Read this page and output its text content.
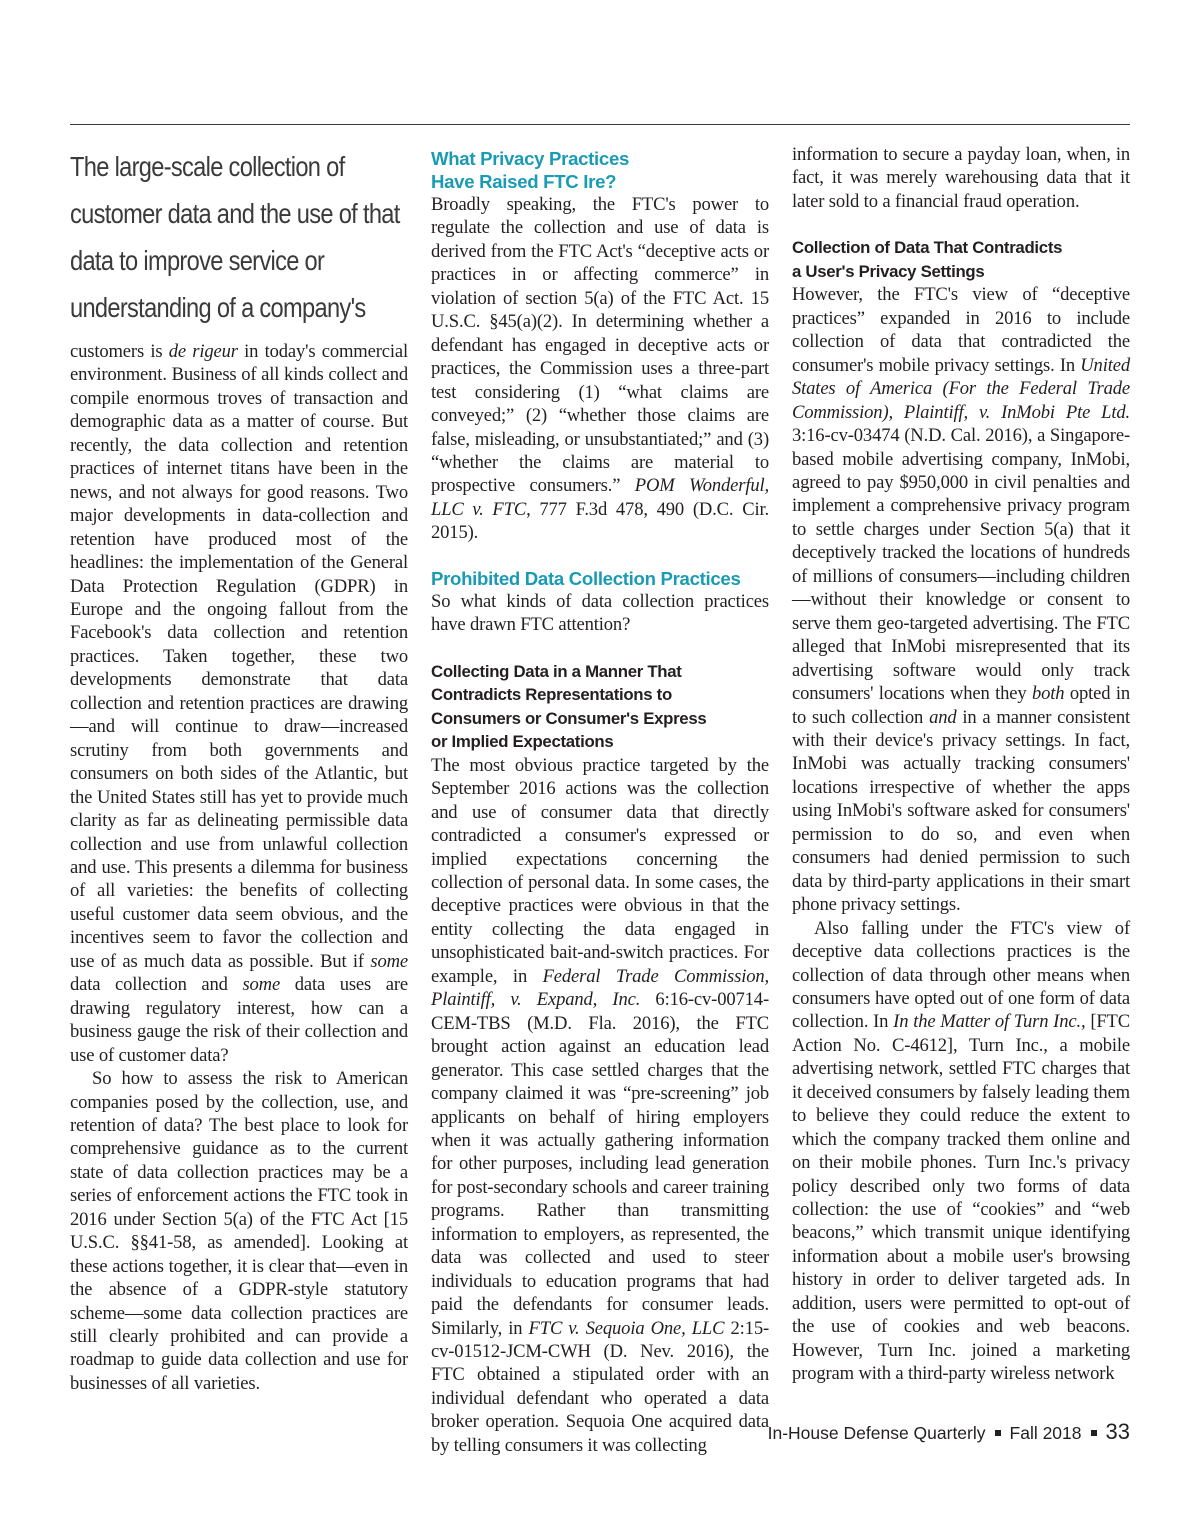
The large-scale collection of customer data and the use of that data to improve service or understanding of a company's

customers is de rigeur in today's commercial environment. Business of all kinds collect and compile enormous troves of transaction and demographic data as a matter of course. But recently, the data collection and retention practices of internet titans have been in the news, and not always for good reasons. Two major developments in data-collection and retention have produced most of the headlines: the implementation of the General Data Protection Regulation (GDPR) in Europe and the ongoing fallout from the Facebook's data collection and retention practices. Taken together, these two developments demonstrate that data collection and retention practices are drawing—and will continue to draw—increased scrutiny from both governments and consumers on both sides of the Atlantic, but the United States still has yet to provide much clarity as far as delineating permissible data collection and use from unlawful collection and use. This presents a dilemma for business of all varieties: the benefits of collecting useful customer data seem obvious, and the incentives seem to favor the collection and use of as much data as possible. But if some data collection and some data uses are drawing regulatory interest, how can a business gauge the risk of their collection and use of customer data?

So how to assess the risk to American companies posed by the collection, use, and retention of data? The best place to look for comprehensive guidance as to the current state of data collection practices may be a series of enforcement actions the FTC took in 2016 under Section 5(a) of the FTC Act [15 U.S.C. §§41-58, as amended]. Looking at these actions together, it is clear that—even in the absence of a GDPR-style statutory scheme—some data collection practices are still clearly prohibited and can provide a roadmap to guide data collection and use for businesses of all varieties.

What Privacy Practices
Have Raised FTC Ire?

Broadly speaking, the FTC's power to regulate the collection and use of data is derived from the FTC Act's “deceptive acts or practices in or affecting commerce” in violation of section 5(a) of the FTC Act. 15 U.S.C. §45(a)(2). In determining whether a defendant has engaged in deceptive acts or practices, the Commission uses a three-part test considering (1) “what claims are conveyed;” (2) “whether those claims are false, misleading, or unsubstantiated;” and (3) “whether the claims are material to prospective consumers.” POM Wonderful, LLC v. FTC, 777 F.3d 478, 490 (D.C. Cir. 2015).

Prohibited Data Collection Practices

So what kinds of data collection practices have drawn FTC attention?

Collecting Data in a Manner That
Contradicts Representations to
Consumers or Consumer's Express
or Implied Expectations

The most obvious practice targeted by the September 2016 actions was the collection and use of consumer data that directly contradicted a consumer's expressed or implied expectations concerning the collection of personal data. In some cases, the deceptive practices were obvious in that the entity collecting the data engaged in unsophisticated bait-and-switch practices. For example, in Federal Trade Commission, Plaintiff, v. Expand, Inc. 6:16-cv-00714-CEM-TBS (M.D. Fla. 2016), the FTC brought action against an education lead generator. This case settled charges that the company claimed it was “pre-screening” job applicants on behalf of hiring employers when it was actually gathering information for other purposes, including lead generation for post-secondary schools and career training programs. Rather than transmitting information to employers, as represented, the data was collected and used to steer individuals to education programs that had paid the defendants for consumer leads. Similarly, in FTC v. Sequoia One, LLC 2:15-cv-01512-JCM-CWH (D. Nev. 2016), the FTC obtained a stipulated order with an individual defendant who operated a data broker operation. Sequoia One acquired data by telling consumers it was collecting

information to secure a payday loan, when, in fact, it was merely warehousing data that it later sold to a financial fraud operation.

Collection of Data That Contradicts
a User's Privacy Settings

However, the FTC's view of “deceptive practices” expanded in 2016 to include collection of data that contradicted the consumer's mobile privacy settings. In United States of America (For the Federal Trade Commission), Plaintiff, v. InMobi Pte Ltd. 3:16-cv-03474 (N.D. Cal. 2016), a Singapore-based mobile advertising company, InMobi, agreed to pay $950,000 in civil penalties and implement a comprehensive privacy program to settle charges under Section 5(a) that it deceptively tracked the locations of hundreds of millions of consumers—including children—without their knowledge or consent to serve them geo-targeted advertising. The FTC alleged that InMobi misrepresented that its advertising software would only track consumers' locations when they both opted in to such collection and in a manner consistent with their device's privacy settings. In fact, InMobi was actually tracking consumers' locations irrespective of whether the apps using InMobi's software asked for consumers' permission to do so, and even when consumers had denied permission to such data by third-party applications in their smart phone privacy settings.

Also falling under the FTC's view of deceptive data collections practices is the collection of data through other means when consumers have opted out of one form of data collection. In In the Matter of Turn Inc., [FTC Action No. C-4612], Turn Inc., a mobile advertising network, settled FTC charges that it deceived consumers by falsely leading them to believe they could reduce the extent to which the company tracked them online and on their mobile phones. Turn Inc.'s privacy policy described only two forms of data collection: the use of “cookies” and “web beacons,” which transmit unique identifying information about a mobile user's browsing history in order to deliver targeted ads. In addition, users were permitted to opt-out of the use of cookies and web beacons. However, Turn Inc. joined a marketing program with a third-party wireless network

In-House Defense Quarterly Fall 2018 33
